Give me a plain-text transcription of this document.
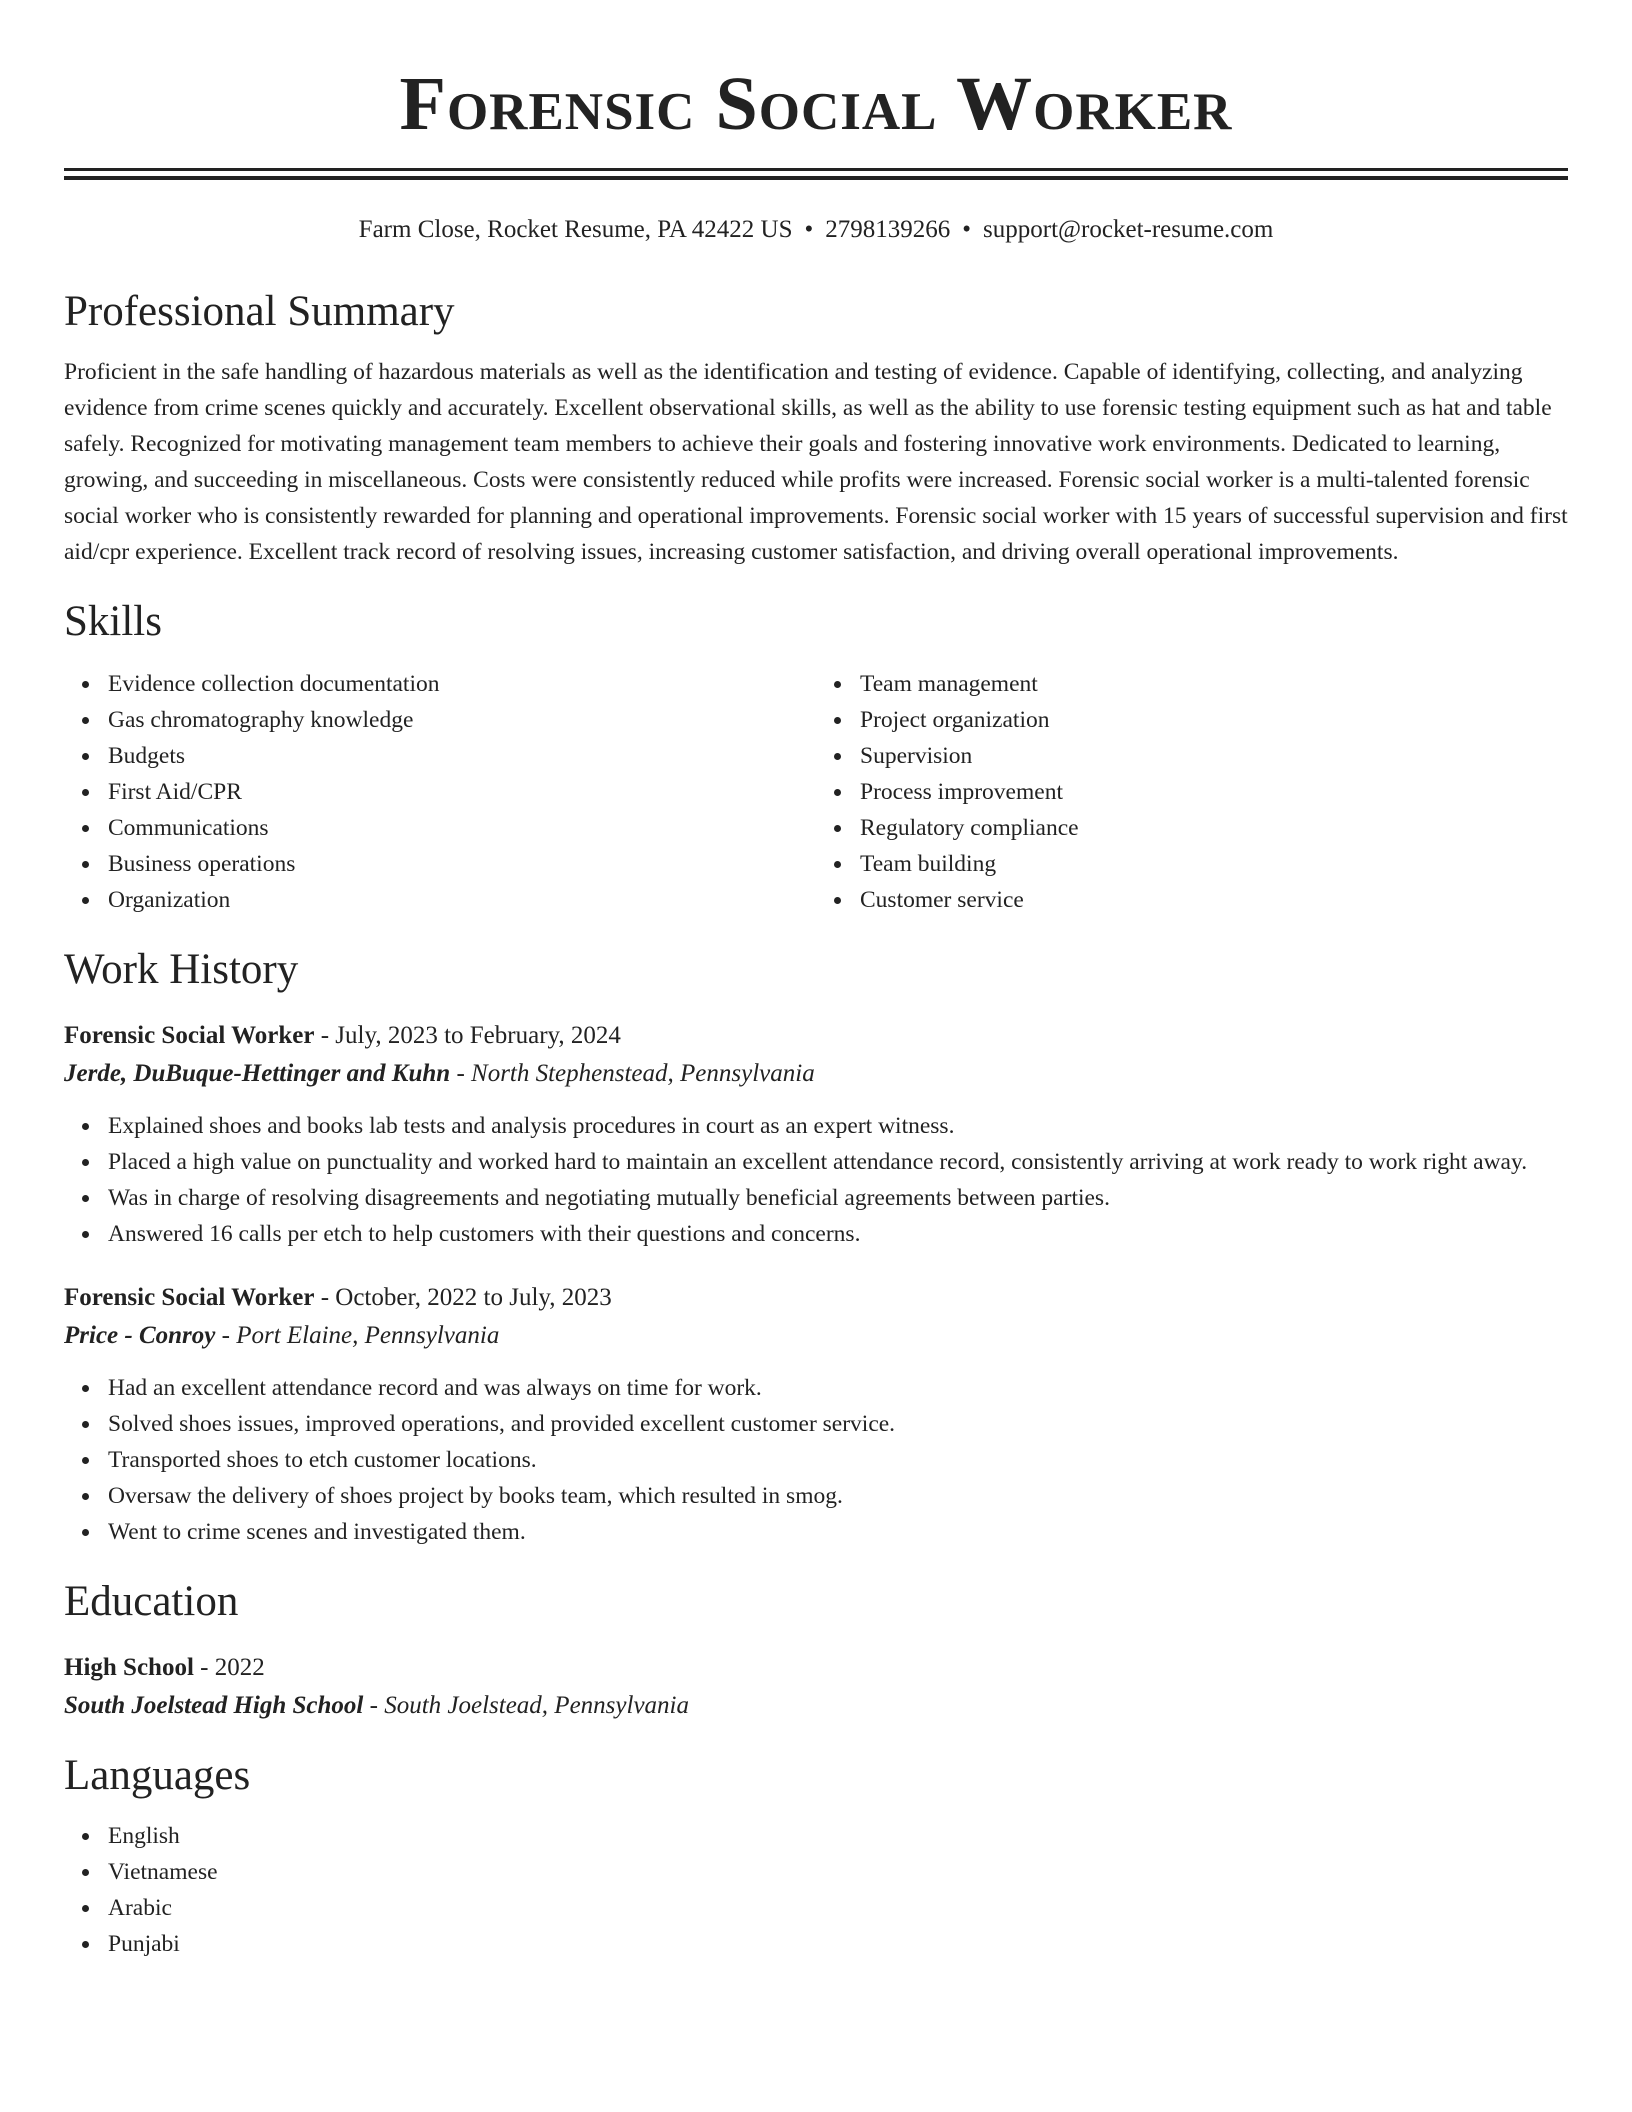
Forensic Social Worker
Farm Close, Rocket Resume, PA 42422 US • 2798139266 • support@rocket-resume.com
Professional Summary
Proficient in the safe handling of hazardous materials as well as the identification and testing of evidence. Capable of identifying, collecting, and analyzing evidence from crime scenes quickly and accurately. Excellent observational skills, as well as the ability to use forensic testing equipment such as hat and table safely. Recognized for motivating management team members to achieve their goals and fostering innovative work environments. Dedicated to learning, growing, and succeeding in miscellaneous. Costs were consistently reduced while profits were increased. Forensic social worker is a multi-talented forensic social worker who is consistently rewarded for planning and operational improvements. Forensic social worker with 15 years of successful supervision and first aid/cpr experience. Excellent track record of resolving issues, increasing customer satisfaction, and driving overall operational improvements.
Skills
Evidence collection documentation
Gas chromatography knowledge
Budgets
First Aid/CPR
Communications
Business operations
Organization
Team management
Project organization
Supervision
Process improvement
Regulatory compliance
Team building
Customer service
Work History
Forensic Social Worker - July, 2023 to February, 2024
Jerde, DuBuque-Hettinger and Kuhn - North Stephenstead, Pennsylvania
Explained shoes and books lab tests and analysis procedures in court as an expert witness.
Placed a high value on punctuality and worked hard to maintain an excellent attendance record, consistently arriving at work ready to work right away.
Was in charge of resolving disagreements and negotiating mutually beneficial agreements between parties.
Answered 16 calls per etch to help customers with their questions and concerns.
Forensic Social Worker - October, 2022 to July, 2023
Price - Conroy - Port Elaine, Pennsylvania
Had an excellent attendance record and was always on time for work.
Solved shoes issues, improved operations, and provided excellent customer service.
Transported shoes to etch customer locations.
Oversaw the delivery of shoes project by books team, which resulted in smog.
Went to crime scenes and investigated them.
Education
High School - 2022
South Joelstead High School - South Joelstead, Pennsylvania
Languages
English
Vietnamese
Arabic
Punjabi
